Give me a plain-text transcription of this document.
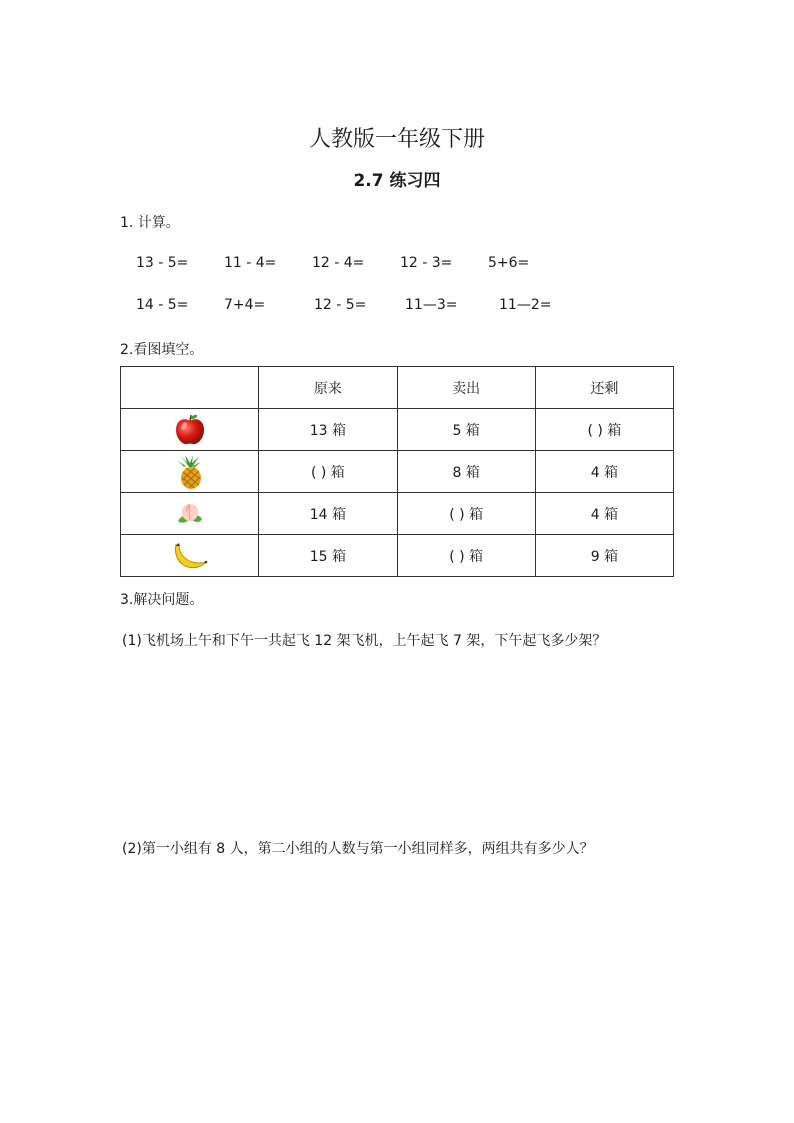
人教版一年级下册
2.7 练习四
1. 计算。
13 - 5=	11 - 4=	12 - 4=	12 - 3=	5+6=
14 - 5=	7+4=	12 - 5=	11—3=	11—2=
2.看图填空。
	原来	卖出	还剩

	13 箱	5 箱	( ) 箱

	( ) 箱	8 箱	4 箱

	14 箱	( ) 箱	4 箱

	15 箱	( ) 箱	9 箱
3.解决问题。
(1)飞机场上午和下午一共起飞 12 架飞机，上午起飞 7 架，下午起飞多少架？
(2)第一小组有 8 人，第二小组的人数与第一小组同样多，两组共有多少人？
